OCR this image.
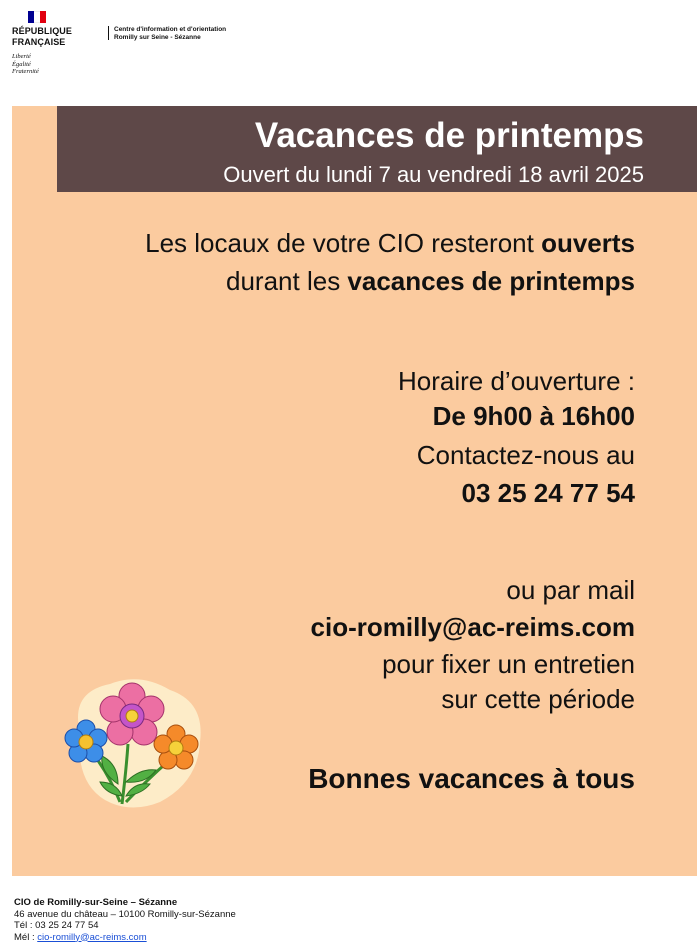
RÉPUBLIQUE
FRANÇAISE
Liberté
Égalité
Fraternité
Centre d'information et d'orientation
Romilly sur Seine - Sézanne
Vacances de printemps
Ouvert du lundi 7 au vendredi 18 avril 2025
Les locaux de votre CIO resteront ouverts
durant les vacances de printemps
Horaire d’ouverture :
De 9h00 à 16h00
Contactez-nous au
03 25 24 77 54
ou par mail
cio-romilly@ac-reims.com
pour fixer un entretien
sur cette période
Bonnes vacances à tous
CIO de Romilly-sur-Seine – Sézanne
46 avenue du château – 10100 Romilly-sur-Sézanne
Tél : 03 25 24 77 54
Mél : cio-romilly@ac-reims.com
